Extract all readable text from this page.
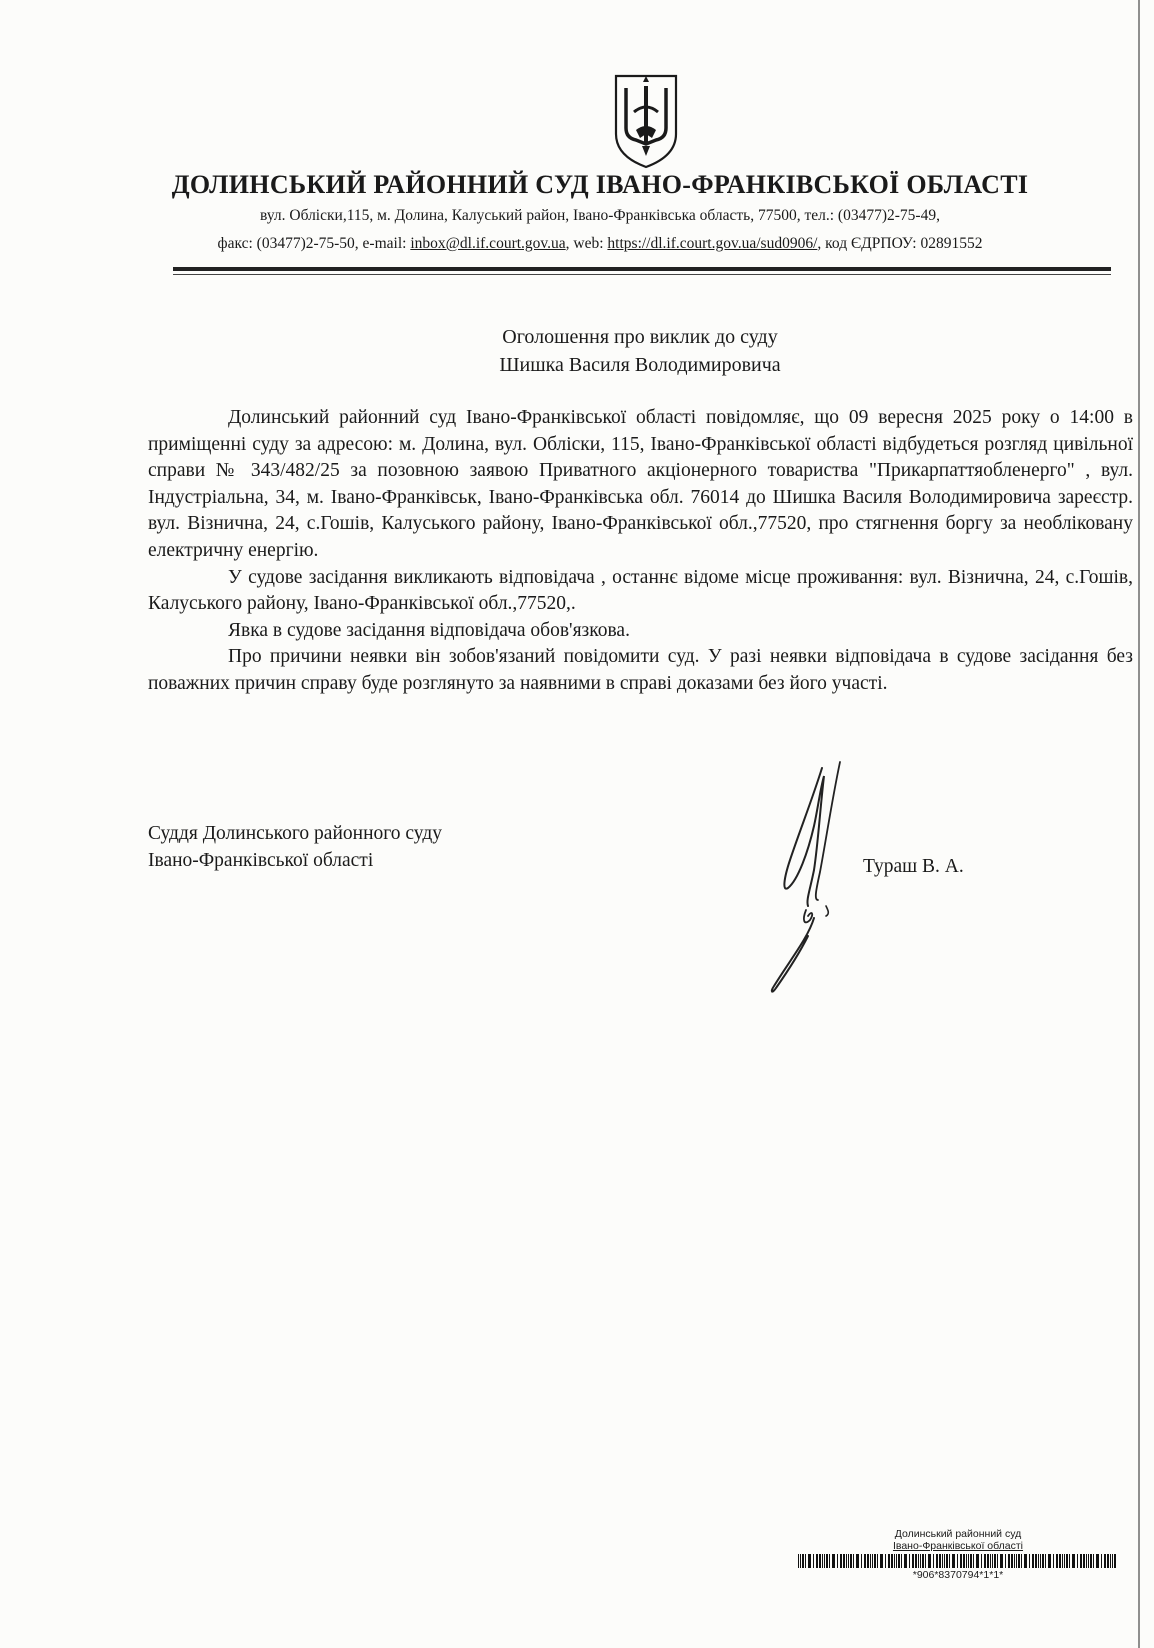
ДОЛИНСЬКИЙ РАЙОННИЙ СУД ІВАНО-ФРАНКІВСЬКОЇ ОБЛАСТІ
вул. Обліски,115, м. Долина, Калуський район, Івано-Франківська область, 77500, тел.: (03477)2-75-49,
факс: (03477)2-75-50, e-mail: inbox@dl.if.court.gov.ua, web: https://dl.if.court.gov.ua/sud0906/, код ЄДРПОУ: 02891552
Оголошення про виклик до суду
Шишка Василя Володимировича

Долинський районний суд Івано-Франківської області повідомляє, що 09 вересня 2025 року о 14:00 в приміщенні суду за адресою: м. Долина, вул. Обліски, 115, Івано-Франківської області відбудеться розгляд цивільної справи № 343/482/25 за позовною заявою Приватного акціонерного товариства "Прикарпаттяобленерго" , вул. Індустріальна, 34, м. Івано-Франківськ, Івано-Франківська обл. 76014 до Шишка Василя Володимировича зареєстр. вул. Візнична, 24, с.Гошів, Калуського району, Івано-Франківської обл.,77520, про стягнення боргу за необліковану електричну енергію.

У судове засідання викликають відповідача , останнє відоме місце проживання: вул. Візнична, 24, с.Гошів, Калуського району, Івано-Франківської обл.,77520,.

Явка в судове засідання відповідача обов'язкова.

Про причини неявки він зобов'язаний повідомити суд. У разі неявки відповідача в судове засідання без поважних причин справу буде розглянуто за наявними в справі доказами без його участі.

Суддя Долинського районного суду
Івано-Франківської області	Тураш В. А.
Долинський районний суд
Івано-Франківської області
*906*8370794*1*1*
